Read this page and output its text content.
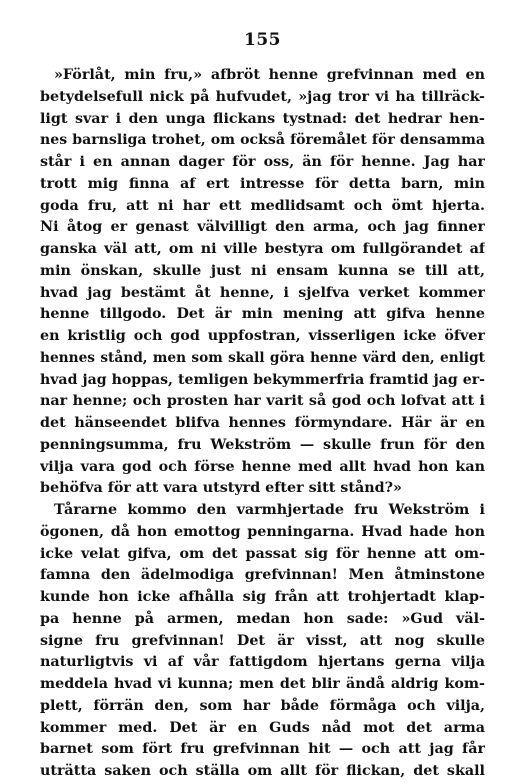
155
»Förlåt, min fru,» afbröt henne grefvinnan med en
betydelsefull nick på hufvudet, »jag tror vi ha tillräck-
ligt svar i den unga flickans tystnad: det hedrar hen-
nes barnsliga trohet, om också föremålet för densamma
står i en annan dager för oss, än för henne. Jag har
trott mig finna af ert intresse för detta barn, min
goda fru, att ni har ett medlidsamt och ömt hjerta.
Ni åtog er genast välvilligt den arma, och jag finner
ganska väl att, om ni ville bestyra om fullgörandet af
min önskan, skulle just ni ensam kunna se till att,
hvad jag bestämt åt henne, i sjelfva verket kommer
henne tillgodo. Det är min mening att gifva henne
en kristlig och god uppfostran, visserligen icke öfver
hennes stånd, men som skall göra henne värd den, enligt
hvad jag hoppas, temligen bekymmerfria framtid jag er-
nar henne; och prosten har varit så god och lofvat att i
det hänseendet blifva hennes förmyndare. Här är en
penningsumma, fru Wekström — skulle frun för den
vilja vara god och förse henne med allt hvad hon kan
behöfva för att vara utstyrd efter sitt stånd?»
Tårarne kommo den varmhjertade fru Wekström i
ögonen, då hon emottog penningarna. Hvad hade hon
icke velat gifva, om det passat sig för henne att om-
famna den ädelmodiga grefvinnan! Men åtminstone
kunde hon icke afhålla sig från att trohjertadt klap-
pa henne på armen, medan hon sade: »Gud väl-
signe fru grefvinnan! Det är visst, att nog skulle
naturligtvis vi af vår fattigdom hjertans gerna vilja
meddela hvad vi kunna; men det blir ändå aldrig kom-
plett, förrän den, som har både förmåga och vilja,
kommer med. Det är en Guds nåd mot det arma
barnet som fört fru grefvinnan hit — och att jag får
uträtta saken och ställa om allt för flickan, det skall
